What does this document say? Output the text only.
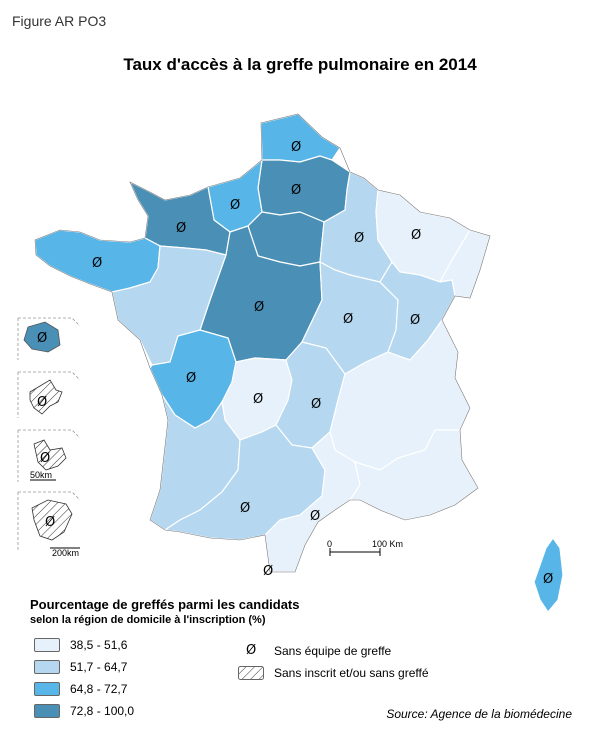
Figure AR PO3
Taux d'accès à la greffe pulmonaire en 2014
Ø
Ø
Ø
Ø
Ø	Ø
Ø
Ø
Ø	Ø
Ø
Ø	Ø
Ø
Ø
Ø
Ø
Ø
Ø
Ø
50km
Ø
200km
0	100 Km
Pourcentage de greffés parmi les candidats
selon la région de domicile à l'inscription (%)
38,5 - 51,6
51,7 - 64,7
64,8 - 72,7
72,8 - 100,0
Ø Sans équipe de greffe
Sans inscrit et/ou sans greffé
Source: Agence de la biomédecine
